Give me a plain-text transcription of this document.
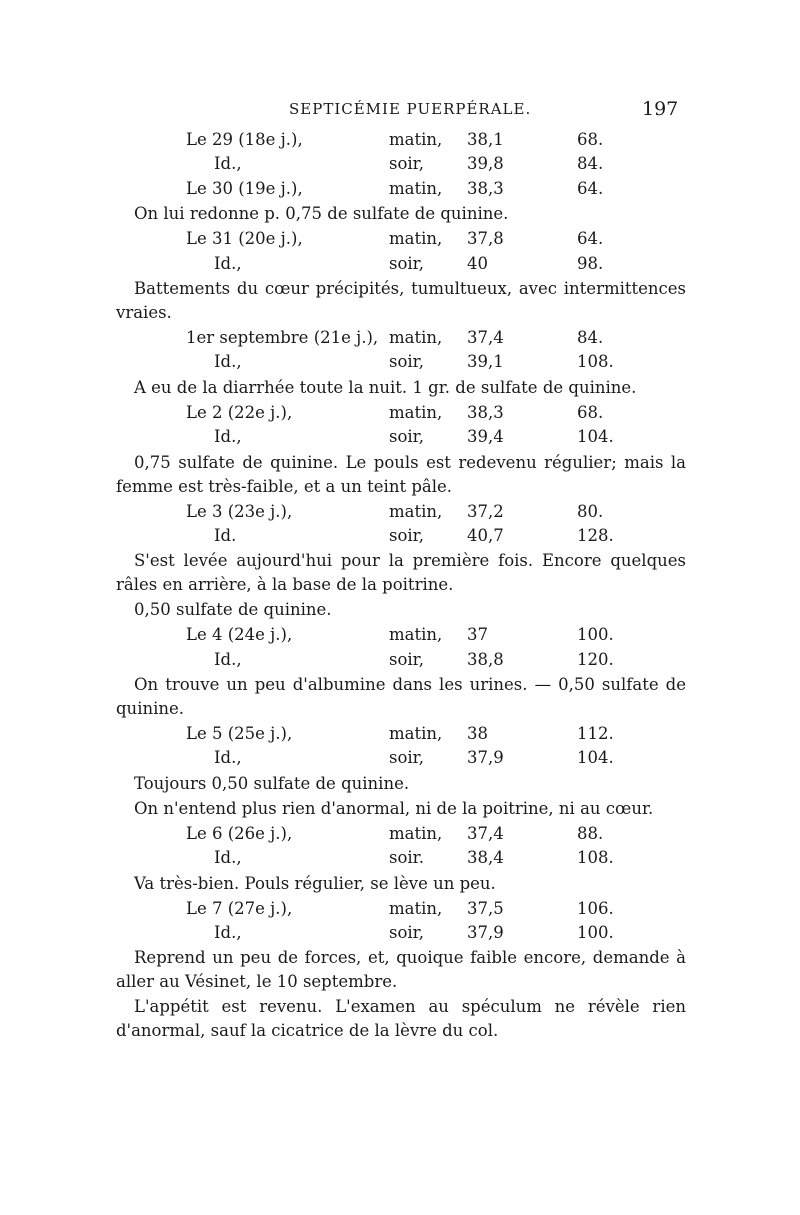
SEPTICÉMIE PUERPÉRALE.	197
Le 29 (18e j.),	matin, 38,1	68.
Id.,	soir,	39,8	84.
Le 30 (19e j.),	matin, 38,3	64.

On lui redonne p. 0,75 de sulfate de quinine.

Le 31 (20e j.),	matin, 37,8	64.
Id.,	soir,	40	98.

Battements du cœur précipités, tumultueux, avec intermittences vraies.

1er septembre (21e j.), matin, 37,4	84.
Id.,	soir,	39,1	108.

A eu de la diarrhée toute la nuit. 1 gr. de sulfate de quinine.

Le 2 (22e j.),	matin, 38,3	68.
Id.,	soir,	39,4	104.

0,75 sulfate de quinine. Le pouls est redevenu régulier; mais la femme est très-faible, et a un teint pâle.

Le 3 (23e j.),	matin, 37,2	80.
Id.	soir,	40,7	128.

S'est levée aujourd'hui pour la première fois. Encore quelques râles en arrière, à la base de la poitrine.

0,50 sulfate de quinine.

Le 4 (24e j.),	matin, 37	100.
Id.,	soir,	38,8	120.

On trouve un peu d'albumine dans les urines. — 0,50 sulfate de quinine.

Le 5 (25e j.),	matin, 38	112.
Id.,	soir,	37,9	104.

Toujours 0,50 sulfate de quinine.

On n'entend plus rien d'anormal, ni de la poitrine, ni au cœur.

Le 6 (26e j.),	matin, 37,4	88.
Id.,	soir.	38,4	108.

Va très-bien. Pouls régulier, se lève un peu.

Le 7 (27e j.),	matin, 37,5	106.
Id.,	soir,	37,9	100.

Reprend un peu de forces, et, quoique faible encore, demande à aller au Vésinet, le 10 septembre.

L'appétit est revenu. L'examen au spéculum ne révèle rien d'anormal, sauf la cicatrice de la lèvre du col.
